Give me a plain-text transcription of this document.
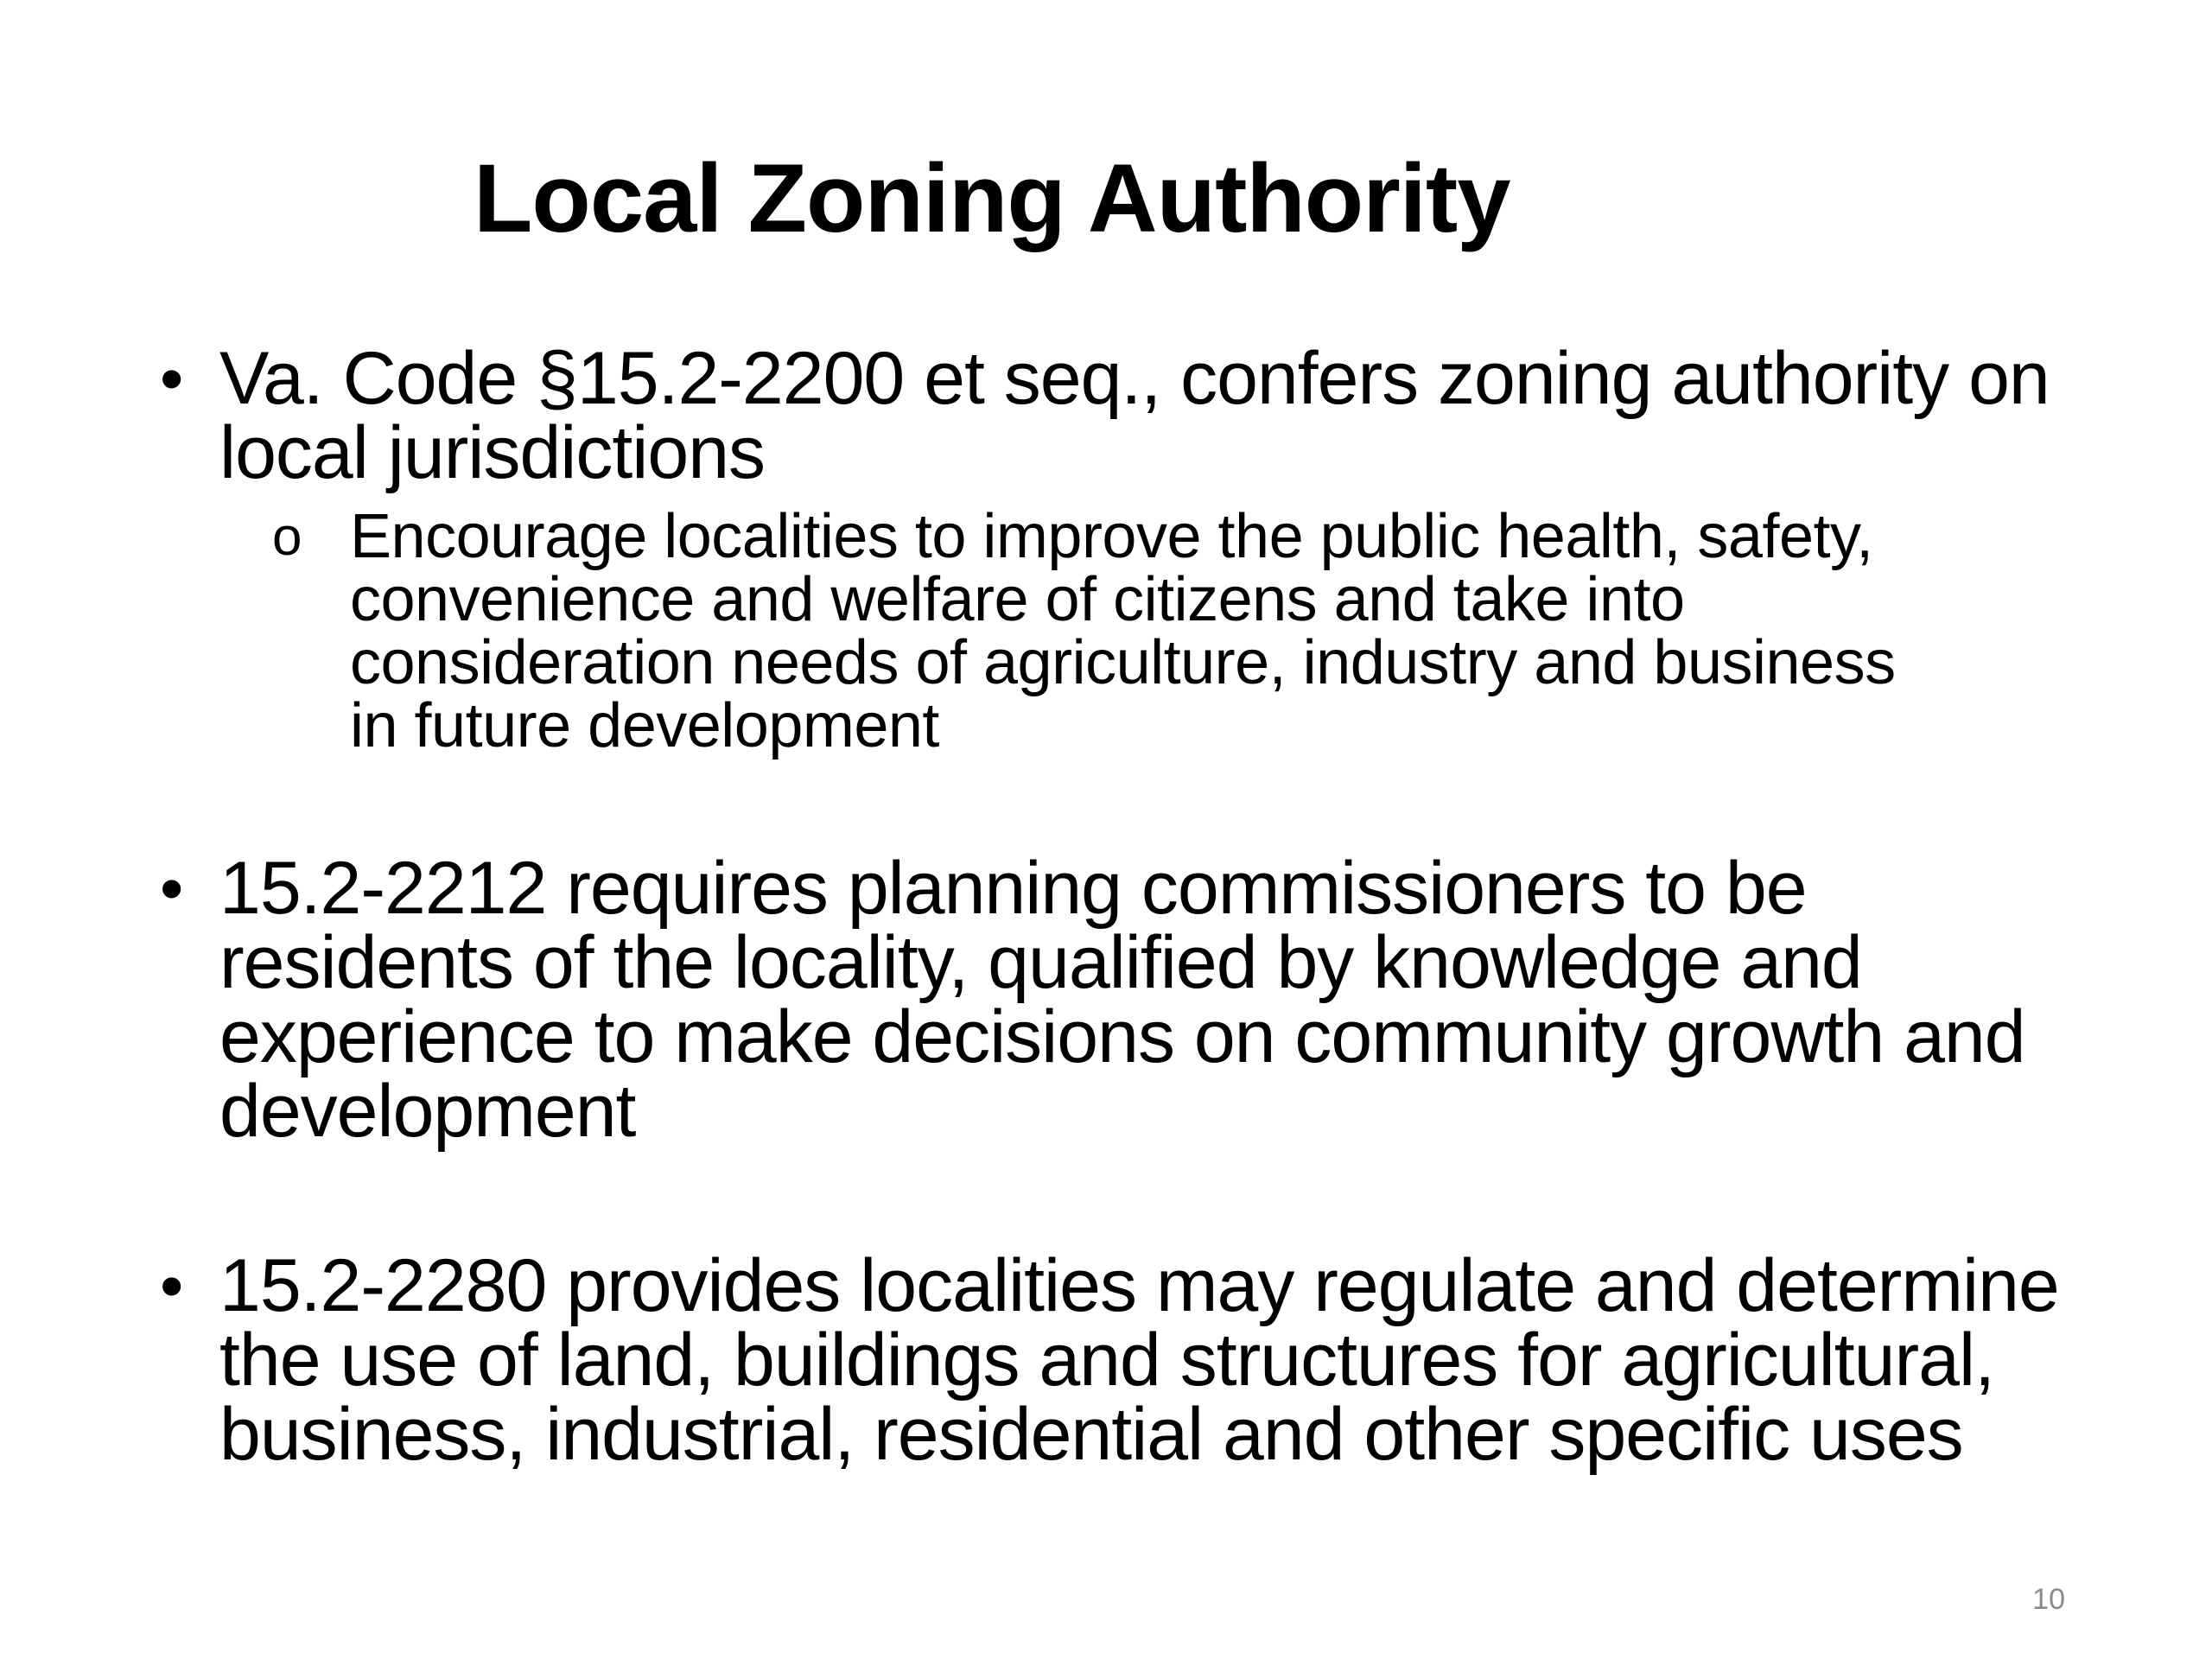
Local Zoning Authority
• Va. Code §15.2-2200 et seq., confers zoning authority on local jurisdictions
o Encourage localities to improve the public health, safety, convenience and welfare of citizens and take into consideration needs of agriculture, industry and business in future development
• 15.2-2212 requires planning commissioners to be residents of the locality, qualified by knowledge and experience to make decisions on community growth and development
• 15.2-2280 provides localities may regulate and determine the use of land, buildings and structures for agricultural, business, industrial, residential and other specific uses
10
